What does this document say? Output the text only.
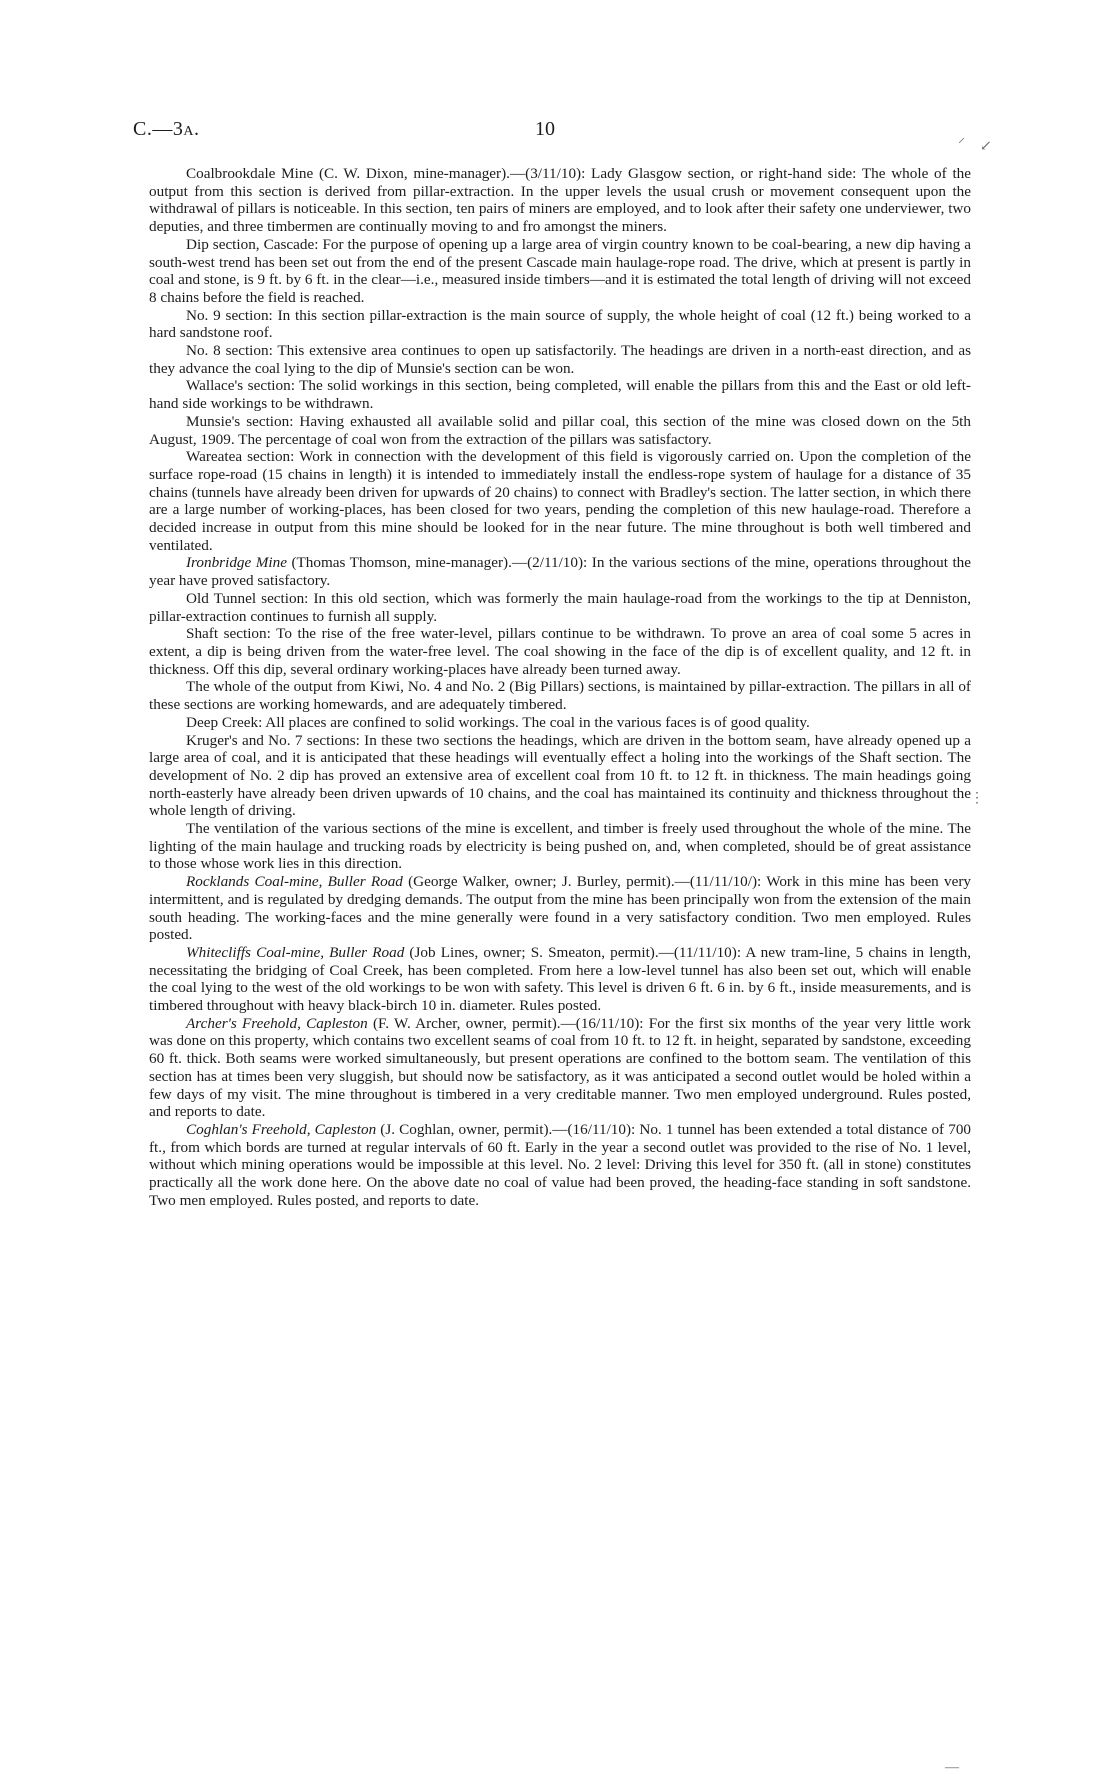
C.—3A.	10	⸝
↙
⋮
—

Coalbrookdale Mine (C. W. Dixon, mine-manager).—(3/11/10): Lady Glasgow section, or right-hand side: The whole of the output from this section is derived from pillar-extraction. In the upper levels the usual crush or movement consequent upon the withdrawal of pillars is noticeable. In this section, ten pairs of miners are employed, and to look after their safety one underviewer, two deputies, and three timbermen are continually moving to and fro amongst the miners.

Dip section, Cascade: For the purpose of opening up a large area of virgin country known to be coal-bearing, a new dip having a south-west trend has been set out from the end of the present Cascade main haulage-rope road. The drive, which at present is partly in coal and stone, is 9 ft. by 6 ft. in the clear—i.e., measured inside timbers—and it is estimated the total length of driving will not exceed 8 chains before the field is reached.

No. 9 section: In this section pillar-extraction is the main source of supply, the whole height of coal (12 ft.) being worked to a hard sandstone roof.

No. 8 section: This extensive area continues to open up satisfactorily. The headings are driven in a north-east direction, and as they advance the coal lying to the dip of Munsie's section can be won.

Wallace's section: The solid workings in this section, being completed, will enable the pillars from this and the East or old left-hand side workings to be withdrawn.

Munsie's section: Having exhausted all available solid and pillar coal, this section of the mine was closed down on the 5th August, 1909. The percentage of coal won from the extraction of the pillars was satisfactory.

Wareatea section: Work in connection with the development of this field is vigorously carried on. Upon the completion of the surface rope-road (15 chains in length) it is intended to immediately install the endless-rope system of haulage for a distance of 35 chains (tunnels have already been driven for upwards of 20 chains) to connect with Bradley's section. The latter section, in which there are a large number of working-places, has been closed for two years, pending the completion of this new haulage-road. Therefore a decided increase in output from this mine should be looked for in the near future. The mine throughout is both well timbered and ventilated.

Ironbridge Mine (Thomas Thomson, mine-manager).—(2/11/10): In the various sections of the mine, operations throughout the year have proved satisfactory.

Old Tunnel section: In this old section, which was formerly the main haulage-road from the workings to the tip at Denniston, pillar-extraction continues to furnish all supply.

Shaft section: To the rise of the free water-level, pillars continue to be withdrawn. To prove an area of coal some 5 acres in extent, a dip is being driven from the water-free level. The coal showing in the face of the dip is of excellent quality, and 12 ft. in thickness. Off this dip, several ordinary working-places have already been turned away.

The whole of the output from Kiwi, No. 4 and No. 2 (Big Pillars) sections, is maintained by pillar-extraction. The pillars in all of these sections are working homewards, and are adequately timbered.

Deep Creek: All places are confined to solid workings. The coal in the various faces is of good quality.

Kruger's and No. 7 sections: In these two sections the headings, which are driven in the bottom seam, have already opened up a large area of coal, and it is anticipated that these headings will eventually effect a holing into the workings of the Shaft section. The development of No. 2 dip has proved an extensive area of excellent coal from 10 ft. to 12 ft. in thickness. The main headings going north-easterly have already been driven upwards of 10 chains, and the coal has maintained its continuity and thickness throughout the whole length of driving.

The ventilation of the various sections of the mine is excellent, and timber is freely used throughout the whole of the mine. The lighting of the main haulage and trucking roads by electricity is being pushed on, and, when completed, should be of great assistance to those whose work lies in this direction.

Rocklands Coal-mine, Buller Road (George Walker, owner; J. Burley, permit).—(11/11/10/): Work in this mine has been very intermittent, and is regulated by dredging demands. The output from the mine has been principally won from the extension of the main south heading. The working-faces and the mine generally were found in a very satisfactory condition. Two men employed. Rules posted.

Whitecliffs Coal-mine, Buller Road (Job Lines, owner; S. Smeaton, permit).—(11/11/10): A new tram-line, 5 chains in length, necessitating the bridging of Coal Creek, has been completed. From here a low-level tunnel has also been set out, which will enable the coal lying to the west of the old workings to be won with safety. This level is driven 6 ft. 6 in. by 6 ft., inside measurements, and is timbered throughout with heavy black-birch 10 in. diameter. Rules posted.

Archer's Freehold, Capleston (F. W. Archer, owner, permit).—(16/11/10): For the first six months of the year very little work was done on this property, which contains two excellent seams of coal from 10 ft. to 12 ft. in height, separated by sandstone, exceeding 60 ft. thick. Both seams were worked simultaneously, but present operations are confined to the bottom seam. The ventilation of this section has at times been very sluggish, but should now be satisfactory, as it was anticipated a second outlet would be holed within a few days of my visit. The mine throughout is timbered in a very creditable manner. Two men employed underground. Rules posted, and reports to date.

Coghlan's Freehold, Capleston (J. Coghlan, owner, permit).—(16/11/10): No. 1 tunnel has been extended a total distance of 700 ft., from which bords are turned at regular intervals of 60 ft. Early in the year a second outlet was provided to the rise of No. 1 level, without which mining operations would be impossible at this level. No. 2 level: Driving this level for 350 ft. (all in stone) constitutes practically all the work done here. On the above date no coal of value had been proved, the heading-face standing in soft sandstone. Two men employed. Rules posted, and reports to date.
